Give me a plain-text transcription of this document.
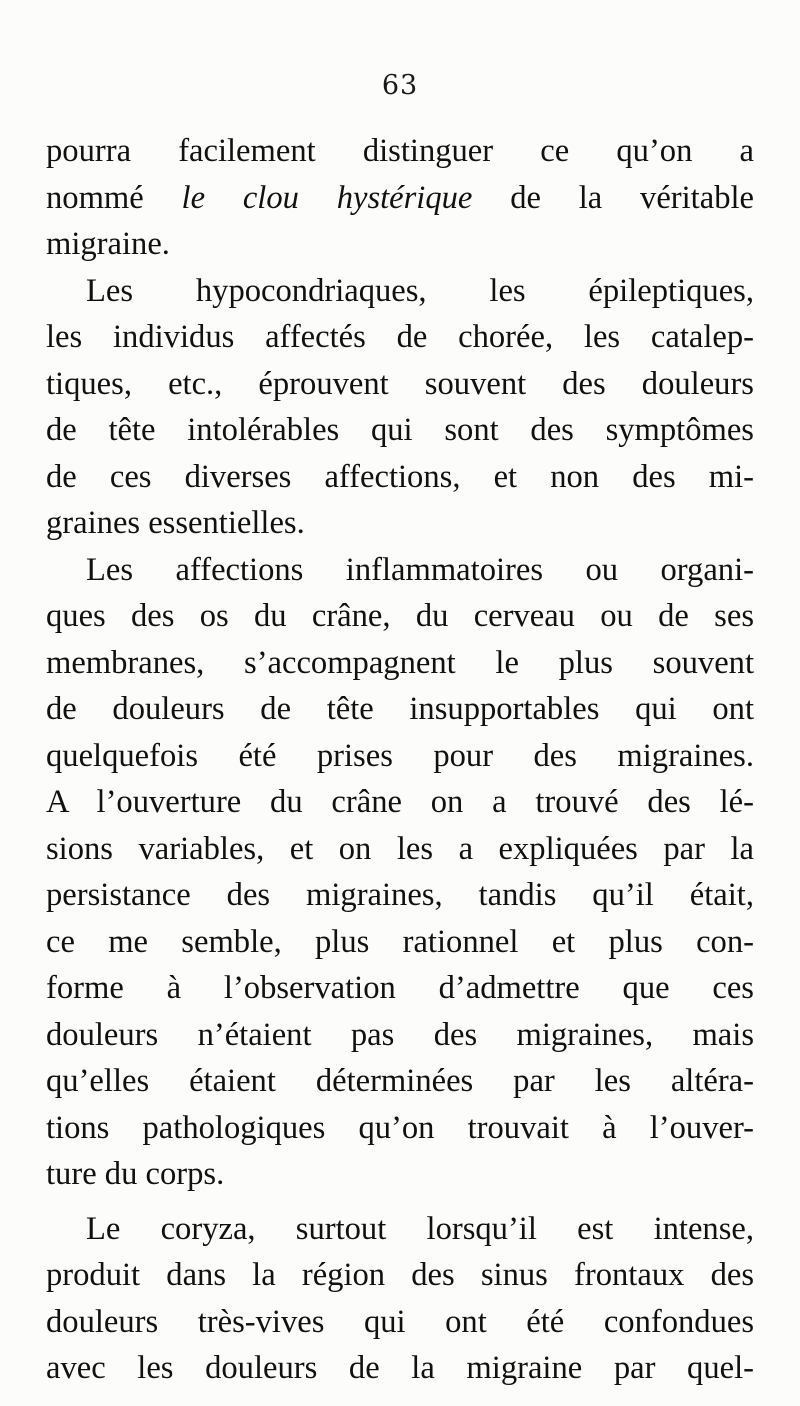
63
pourra facilement distinguer ce qu’on a
nommé le clou hystérique de la véritable
migraine.
Les hypocondriaques, les épileptiques,
les individus affectés de chorée, les catalep-
tiques, etc., éprouvent souvent des douleurs
de tête intolérables qui sont des symptômes
de ces diverses affections, et non des mi-
graines essentielles.
Les affections inflammatoires ou organi-
ques des os du crâne, du cerveau ou de ses
membranes, s’accompagnent le plus souvent
de douleurs de tête insupportables qui ont
quelquefois été prises pour des migraines.
A l’ouverture du crâne on a trouvé des lé-
sions variables, et on les a expliquées par la
persistance des migraines, tandis qu’il était,
ce me semble, plus rationnel et plus con-
forme à l’observation d’admettre que ces
douleurs n’étaient pas des migraines, mais
qu’elles étaient déterminées par les altéra-
tions pathologiques qu’on trouvait à l’ouver-
ture du corps.
Le coryza, surtout lorsqu’il est intense,
produit dans la région des sinus frontaux des
douleurs très-vives qui ont été confondues
avec les douleurs de la migraine par quel-
